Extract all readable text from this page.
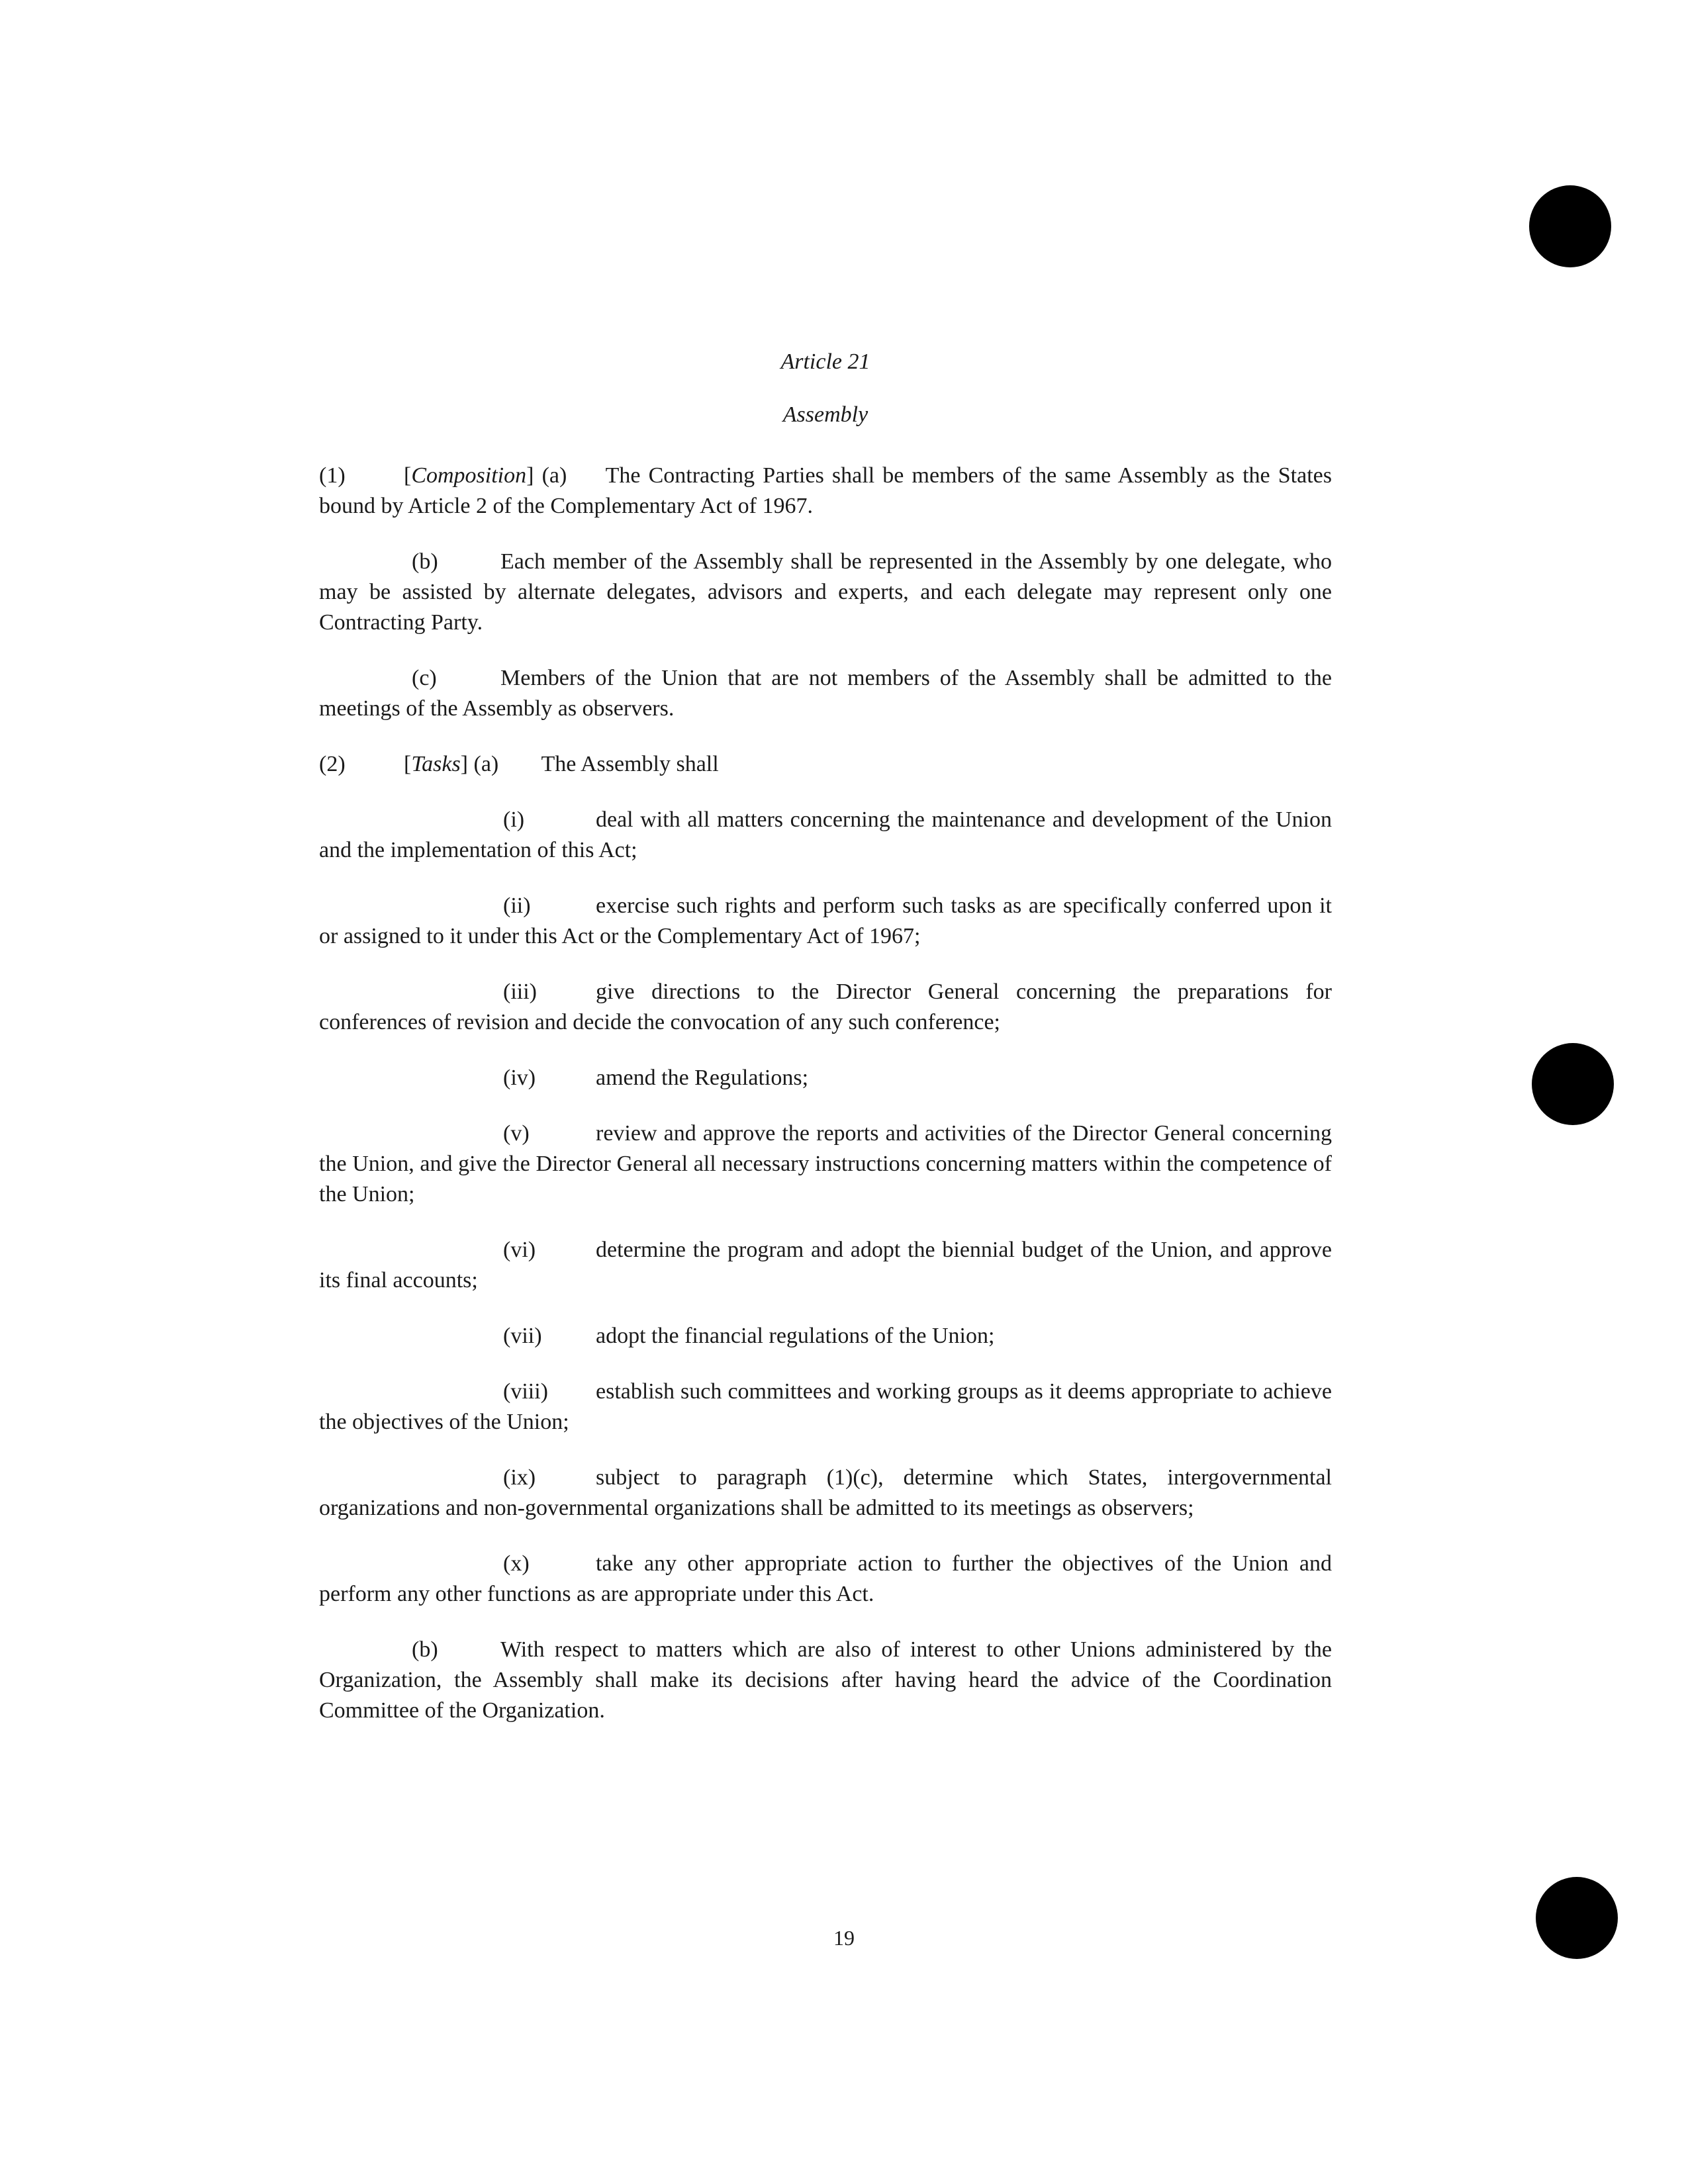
Article 21

Assembly

(1)	[Composition] (a) The Contracting Parties shall be members of the same Assembly as the States bound by Article 2 of the Complementary Act of 1967.

(b)	Each member of the Assembly shall be represented in the Assembly by one delegate, who may be assisted by alternate delegates, advisors and experts, and each delegate may represent only one Contracting Party.

(c)	Members of the Union that are not members of the Assembly shall be admitted to the meetings of the Assembly as observers.

(2)	[Tasks] (a) The Assembly shall

(i)	deal with all matters concerning the maintenance and development of the Union and the implementation of this Act;

(ii)	exercise such rights and perform such tasks as are specifically conferred upon it or assigned to it under this Act or the Complementary Act of 1967;

(iii)	give directions to the Director General concerning the preparations for conferences of revision and decide the convocation of any such conference;

(iv)	amend the Regulations;

(v)	review and approve the reports and activities of the Director General concerning the Union, and give the Director General all necessary instructions concerning matters within the competence of the Union;

(vi)	determine the program and adopt the biennial budget of the Union, and approve its final accounts;

(vii) adopt the financial regulations of the Union;

(viii) establish such committees and working groups as it deems appropriate to achieve the objectives of the Union;

(ix)	subject to paragraph (1)(c), determine which States, intergovernmental organizations and non-governmental organizations shall be admitted to its meetings as observers;

(x)	take any other appropriate action to further the objectives of the Union and perform any other functions as are appropriate under this Act.

(b)	With respect to matters which are also of interest to other Unions administered by the Organization, the Assembly shall make its decisions after having heard the advice of the Coordination Committee of the Organization.

19
